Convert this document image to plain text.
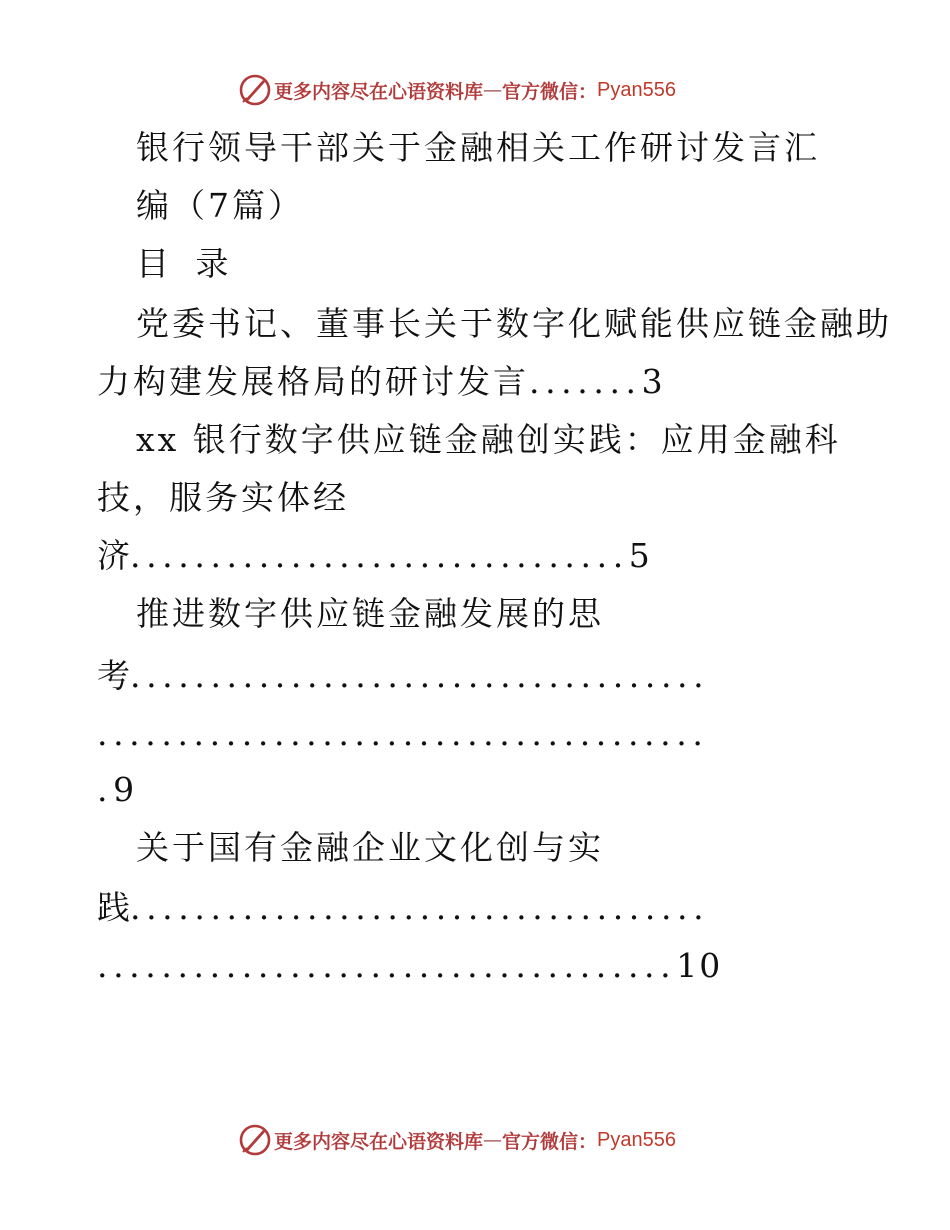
更多内容尽在心语资料库 — 官方微信： Pyan556
银行领导干部关于金融相关工作研讨发言汇
编（7篇）
目 录
党委书记、董事长关于数字化赋能供应链金融助
力构建发展格局的研讨发言.......3
xx 银行数字供应链金融创实践：应用金融科
技，服务实体经
济...............................5
推进数字供应链金融发展的思
考....................................
......................................
.9
关于国有金融企业文化创与实
践....................................
....................................10
更多内容尽在心语资料库 — 官方微信： Pyan556
